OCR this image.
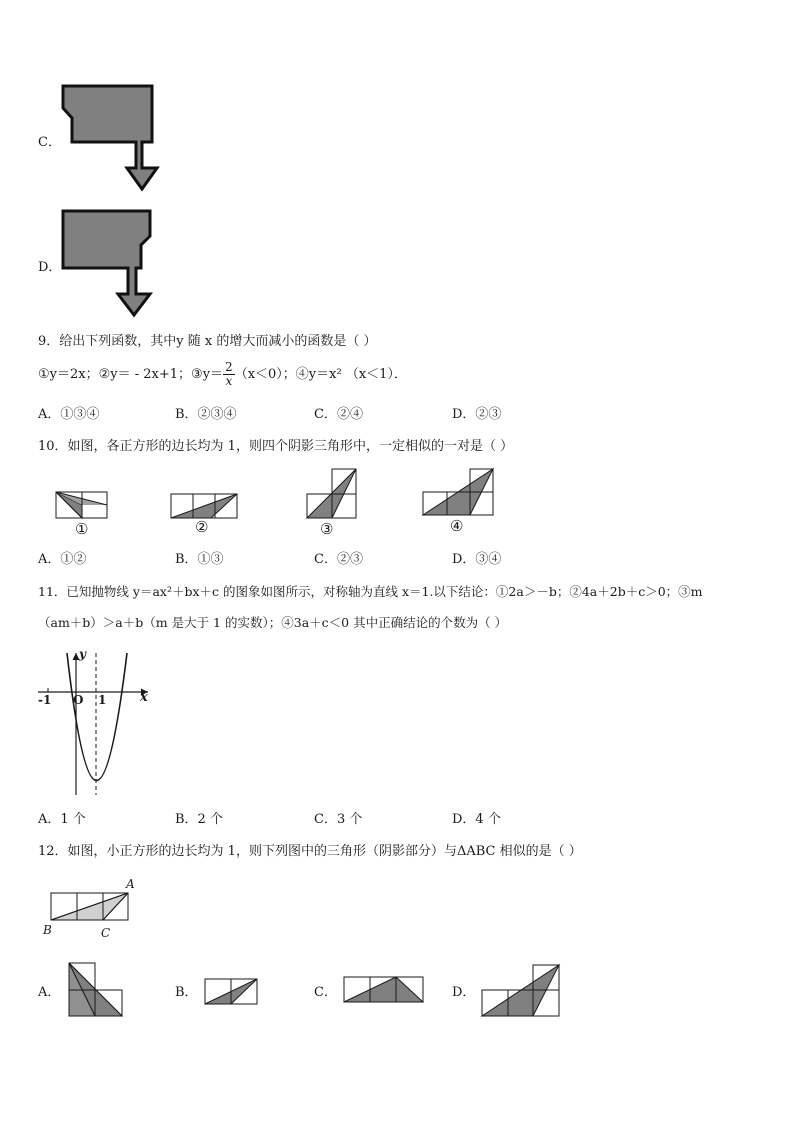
C．
D．
9．给出下列函数，其中y 随 x 的增大而减小的函数是（ ）
①y＝2x；②y＝ - 2x+1；③y＝ $\frac{2}{x} (x<0)$；④y＝x² （x＜1）．
A．①③④	B．②③④	C．②④	D．②③
10．如图，各正方形的边长均为 1，则四个阴影三角形中，一定相似的一对是（ ）
①	②	③	④
A．①②	B．①③	C．②③	D．③④
11．已知抛物线 y＝ax²＋bx＋c 的图象如图所示，对称轴为直线 x＝1.以下结论：①2a＞－b；②4a＋2b＋c＞0；③m
（am＋b）＞a＋b（m 是大于 1 的实数）；④3a＋c＜0 其中正确结论的个数为（ ）
y
x
O
-1	1
A．1 个	B．2 个	C．3 个	D．4 个
12．如图，小正方形的边长均为 1，则下列图中的三角形（阴影部分）与ΔABC 相似的是（ ）
A
B	C
A．	B．	C．	D．
